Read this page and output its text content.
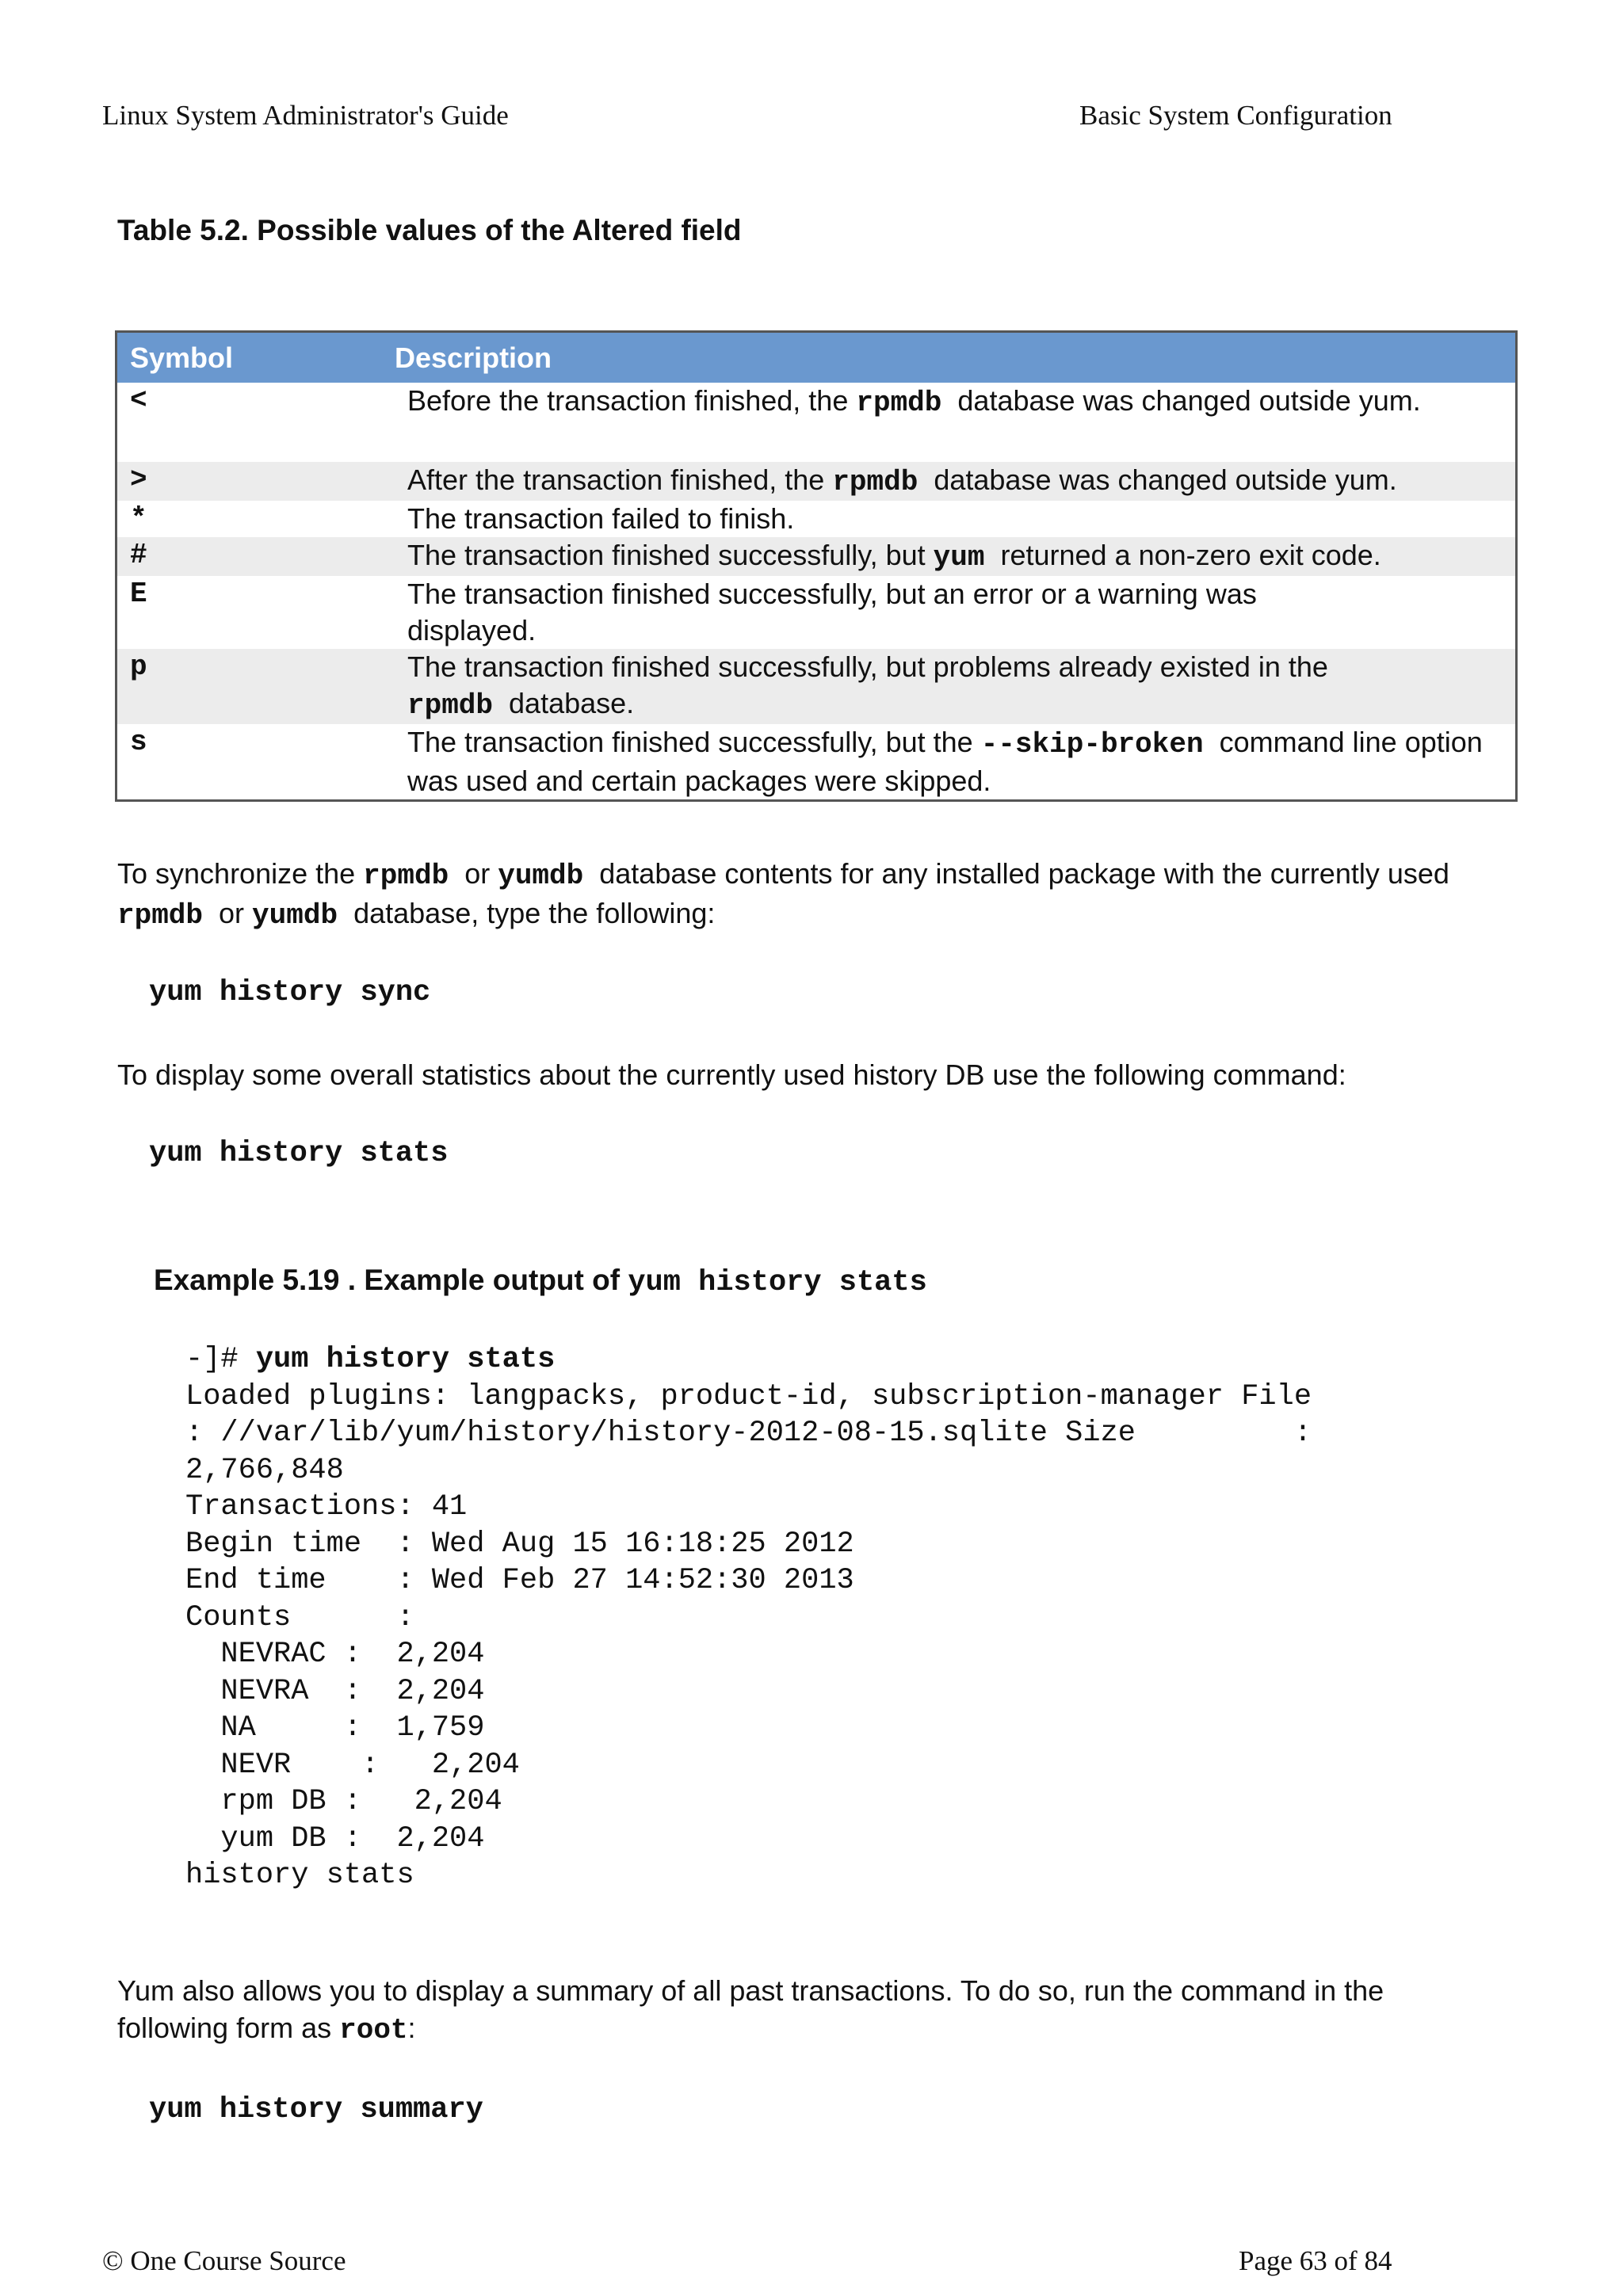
Linux System Administrator's Guide	Basic System Configuration
Table 5.2. Possible values of the Altered field
Symbol	Description
<	Before the transaction finished, the rpmdb  database was changed outside yum.
>	After the transaction finished, the rpmdb  database was changed outside yum.
*	The transaction failed to finish.
#	The transaction finished successfully, but yum  returned a non-zero exit code.
E	The transaction finished successfully, but an error or a warning was
displayed.
p	The transaction finished successfully, but problems already existed in the
rpmdb  database.
s	The transaction finished successfully, but the --skip-broken  command line option
was used and certain packages were skipped.
To synchronize the rpmdb  or yumdb  database contents for any installed package with the currently used
rpmdb  or yumdb  database, type the following:
yum history sync
To display some overall statistics about the currently used history DB use the following command:
yum history stats
Example 5.19 . Example output of yum history stats
-]# yum history stats
Loaded plugins: langpacks, product-id, subscription-manager File
: //var/lib/yum/history/history-2012-08-15.sqlite Size         :
2,766,848
Transactions: 41
Begin time  : Wed Aug 15 16:18:25 2012
End time    : Wed Feb 27 14:52:30 2013
Counts      :
NEVRAC :  2,204
NEVRA  :  2,204
NA     :  1,759
NEVR    :   2,204
rpm DB :   2,204
yum DB :  2,204
history stats
Yum also allows you to display a summary of all past transactions. To do so, run the command in the
following form as root:
yum history summary
© One Course Source	Page 63 of 84
